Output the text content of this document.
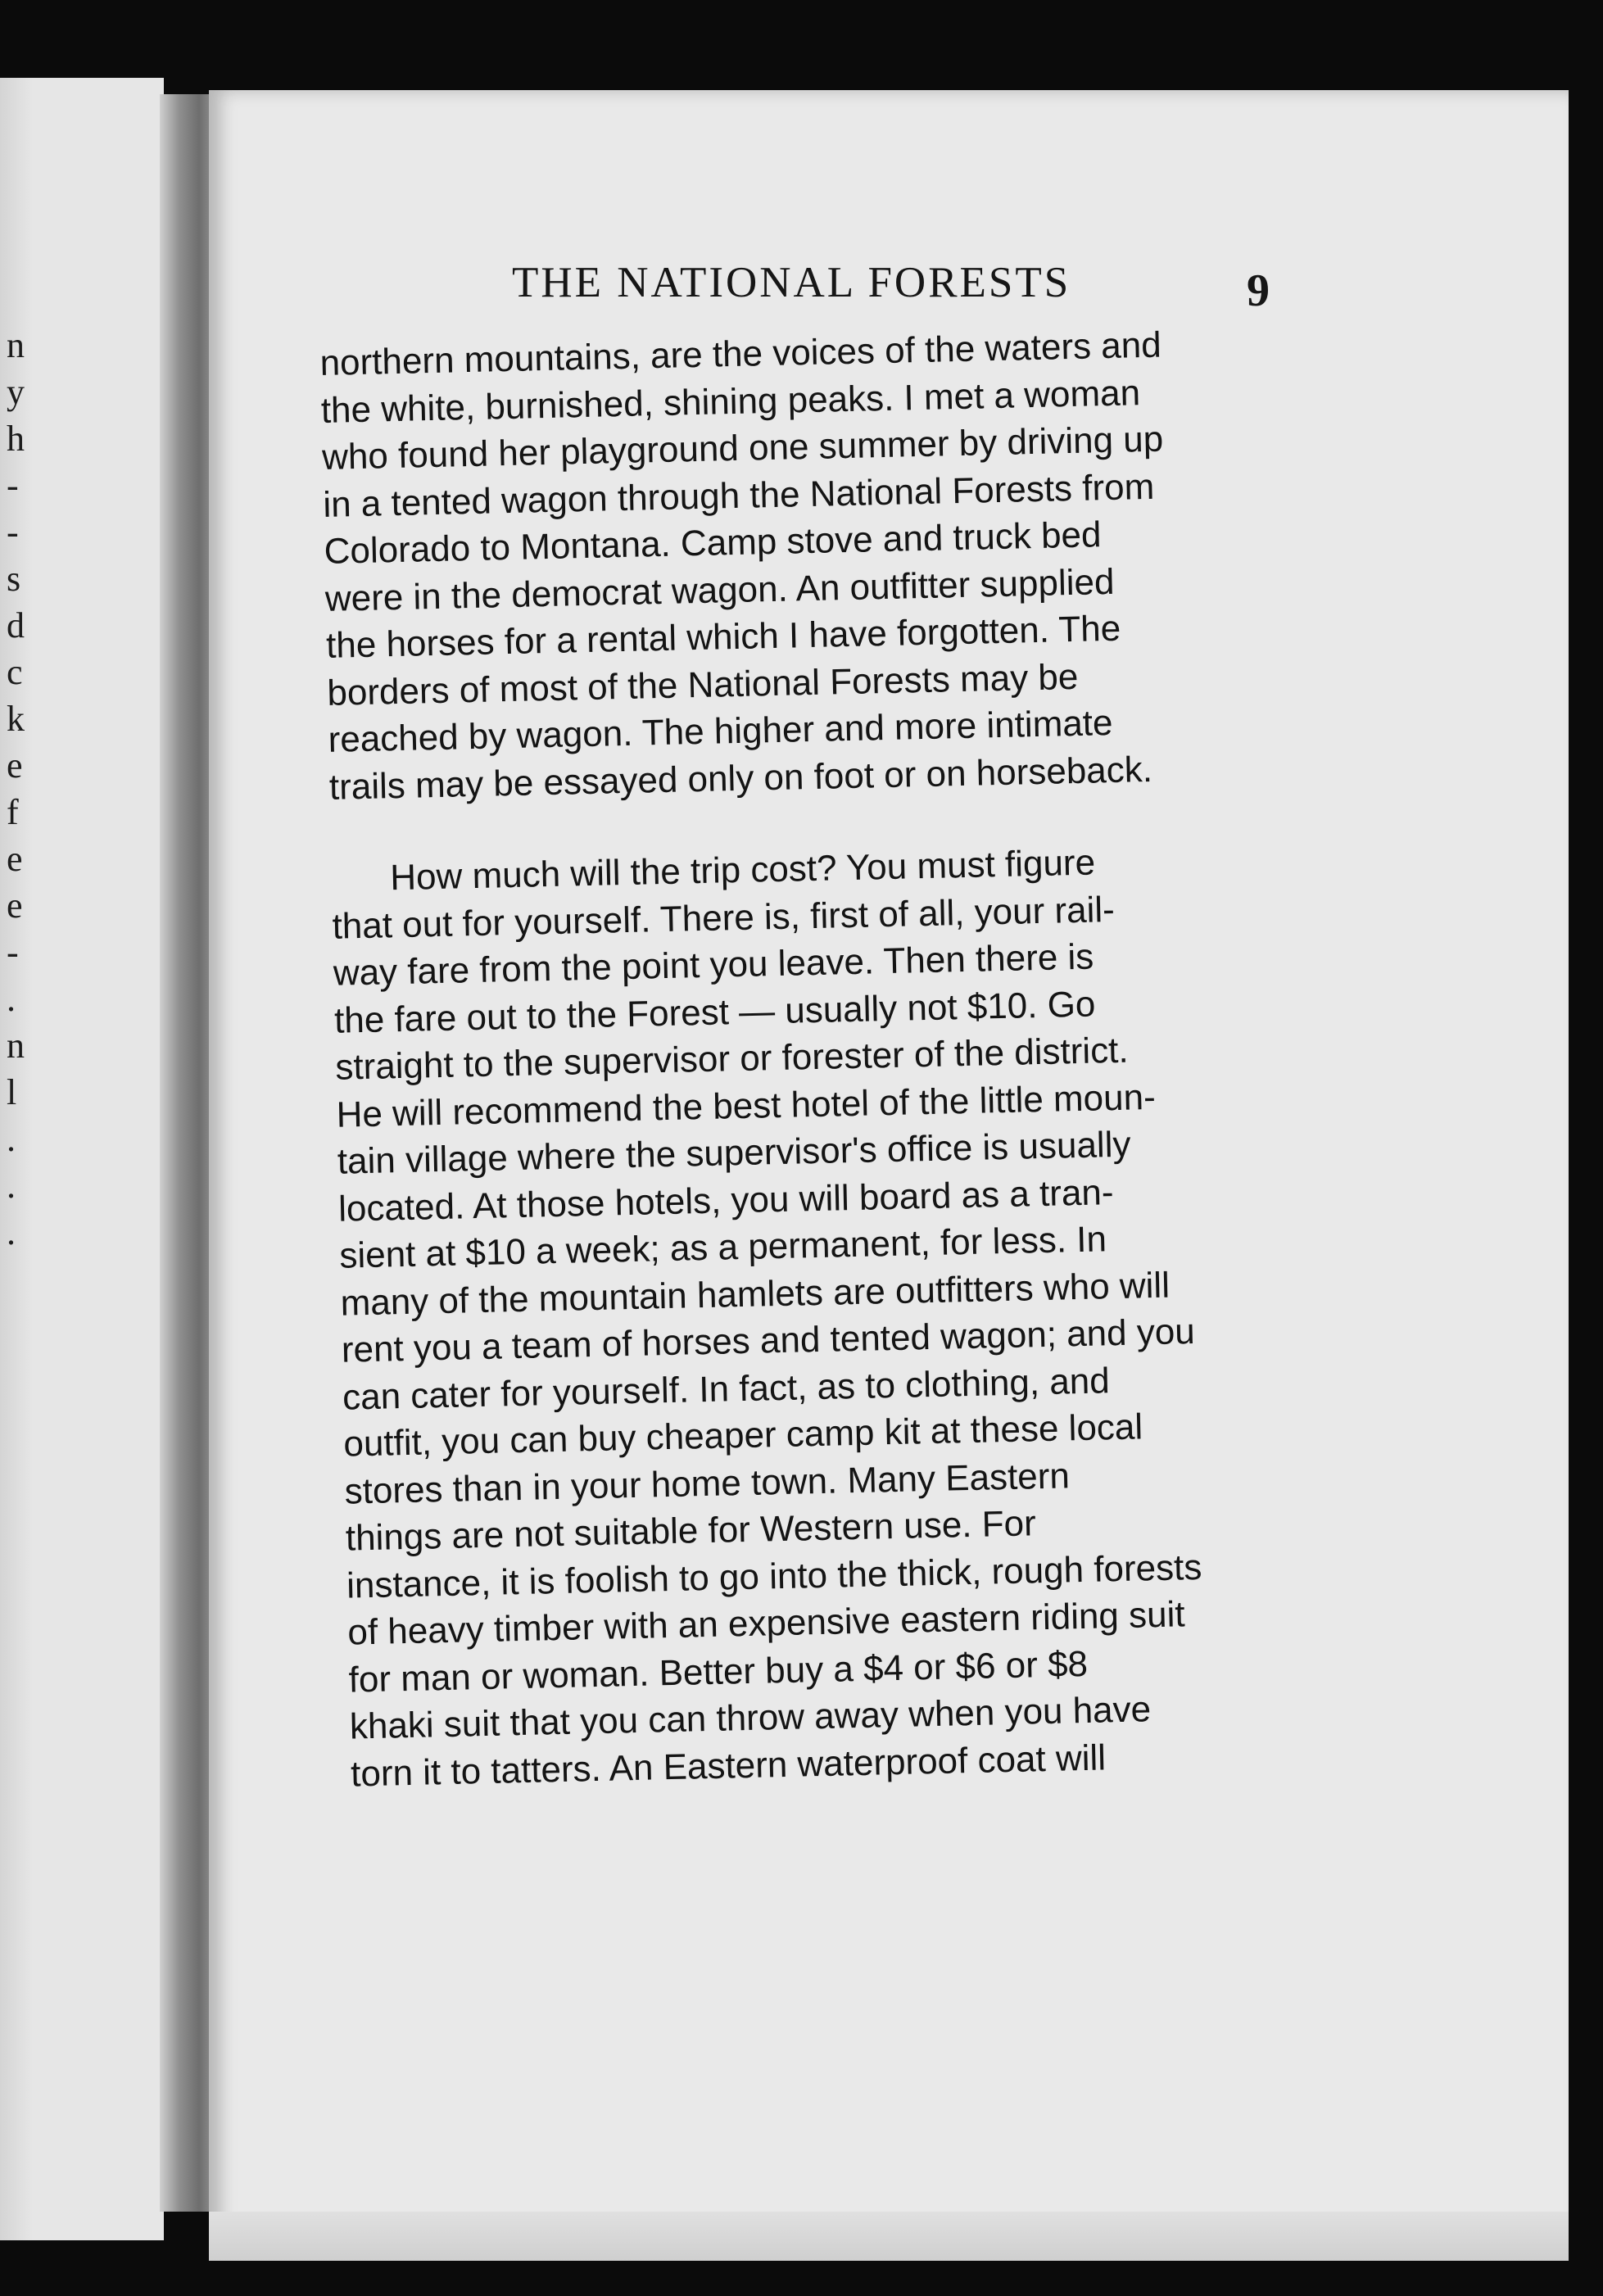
n
y
h
-
-
s
d
c
k
e
f
e
e
-
.
n
l
.
.
.
THE NATIONAL FORESTS	9
northern mountains, are the voices of the waters and
the white, burnished, shining peaks. I met a woman
who found her playground one summer by driving up
in a tented wagon through the National Forests from
Colorado to Montana. Camp stove and truck bed
were in the democrat wagon. An outfitter supplied
the horses for a rental which I have forgotten. The
borders of most of the National Forests may be
reached by wagon. The higher and more intimate
trails may be essayed only on foot or on horseback.
How much will the trip cost? You must figure
that out for yourself. There is, first of all, your rail-
way fare from the point you leave. Then there is
the fare out to the Forest — usually not $10. Go
straight to the supervisor or forester of the district.
He will recommend the best hotel of the little moun-
tain village where the supervisor's office is usually
located. At those hotels, you will board as a tran-
sient at $10 a week; as a permanent, for less. In
many of the mountain hamlets are outfitters who will
rent you a team of horses and tented wagon; and you
can cater for yourself. In fact, as to clothing, and
outfit, you can buy cheaper camp kit at these local
stores than in your home town. Many Eastern
things are not suitable for Western use. For
instance, it is foolish to go into the thick, rough forests
of heavy timber with an expensive eastern riding suit
for man or woman. Better buy a $4 or $6 or $8
khaki suit that you can throw away when you have
torn it to tatters. An Eastern waterproof coat will
